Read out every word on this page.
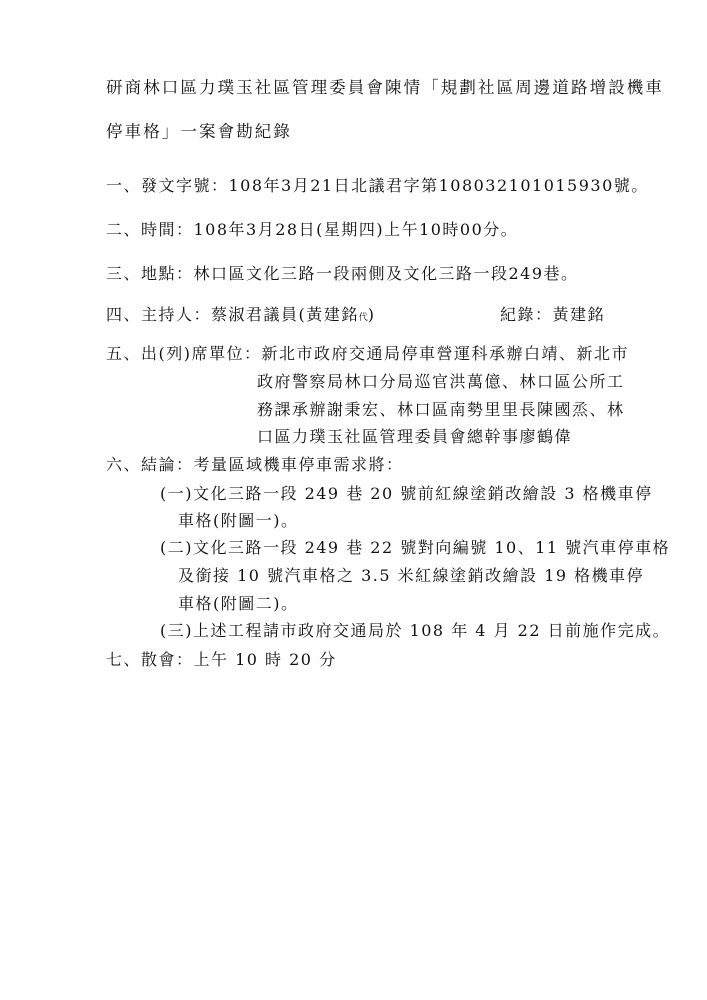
研商林口區力璞玉社區管理委員會陳情「規劃社區周邊道路增設機車
停車格」一案會勘紀錄
一、發文字號：108年3月21日北議君字第108032101015930號。
二、時間：108年3月28日(星期四)上午10時00分。
三、地點：林口區文化三路一段兩側及文化三路一段249巷。
四、主持人：蔡淑君議員(黃建銘代)	紀錄：黃建銘
五、出(列)席單位：新北市政府交通局停車營運科承辦白靖、新北市
政府警察局林口分局巡官洪萬億、林口區公所工
務課承辦謝秉宏、林口區南勢里里長陳國烝、林
口區力璞玉社區管理委員會總幹事廖鶴偉
六、結論：考量區域機車停車需求將：
(一)文化三路一段 249 巷 20 號前紅線塗銷改繪設 3 格機車停
車格(附圖一)。
(二)文化三路一段 249 巷 22 號對向編號 10、11 號汽車停車格
及銜接 10 號汽車格之 3.5 米紅線塗銷改繪設 19 格機車停
車格(附圖二)。
(三)上述工程請市政府交通局於 108 年 4 月 22 日前施作完成。
七、散會：上午 10 時 20 分
